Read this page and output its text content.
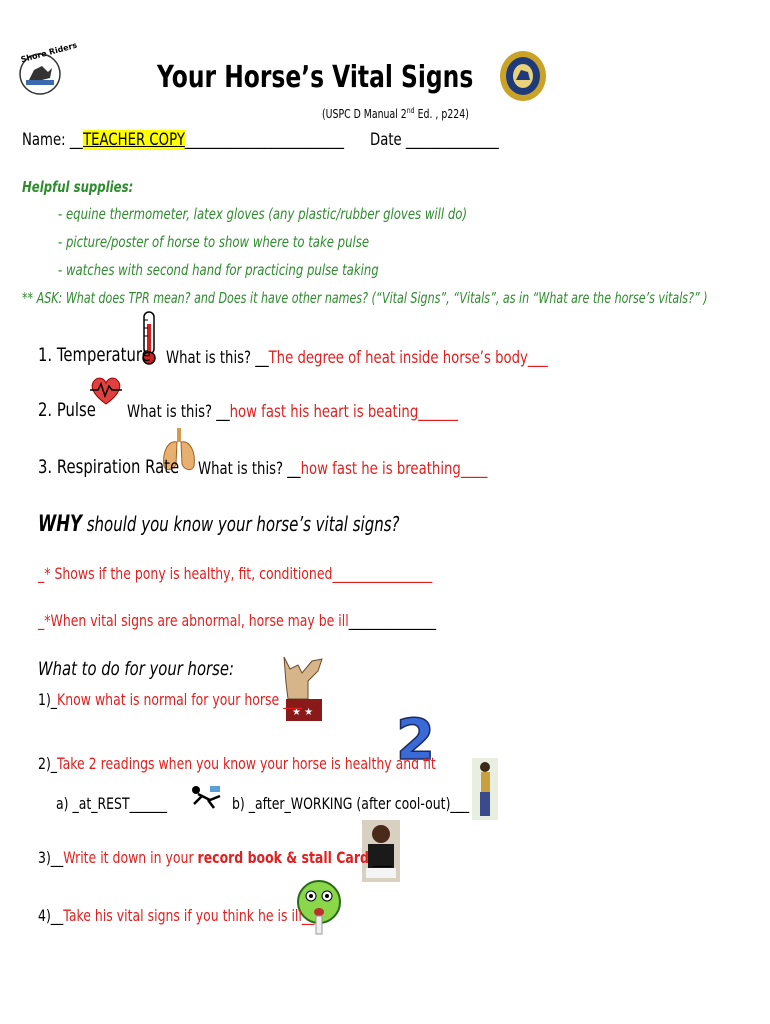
Shore Riders
Your Horse’s Vital Signs
(USPC D Manual 2nd Ed. , p224)
Name: __TEACHER COPY________________________	Date ______________
Helpful supplies:
- equine thermometer, latex gloves (any plastic/rubber gloves will do)
- picture/poster of horse to show where to take pulse
- watches with second hand for practicing pulse taking
** ASK: What does TPR mean? and Does it have other names? (“Vital Signs”, “Vitals”, as in “What are the horse’s vitals?” )
1. Temperature What is this? __The degree of heat inside horse’s body___
2. Pulse	What is this? __how fast his heart is beating______
3. Respiration Rate	What is this? __how fast he is breathing____
WHY should you know your horse’s vital signs?
_* Shows if the pony is healthy, fit, conditioned________________
_*When vital signs are abnormal, horse may be ill______________
What to do for your horse:
★ ★
1)_Know what is normal for your horse ___
2
2)_Take 2 readings when you know your horse is healthy and fit
a) _at_REST______	b) _after_WORKING (after cool-out)___
3)__Write it down in your record book & stall Card ___
4)__Take his vital signs if you think he is ill__
